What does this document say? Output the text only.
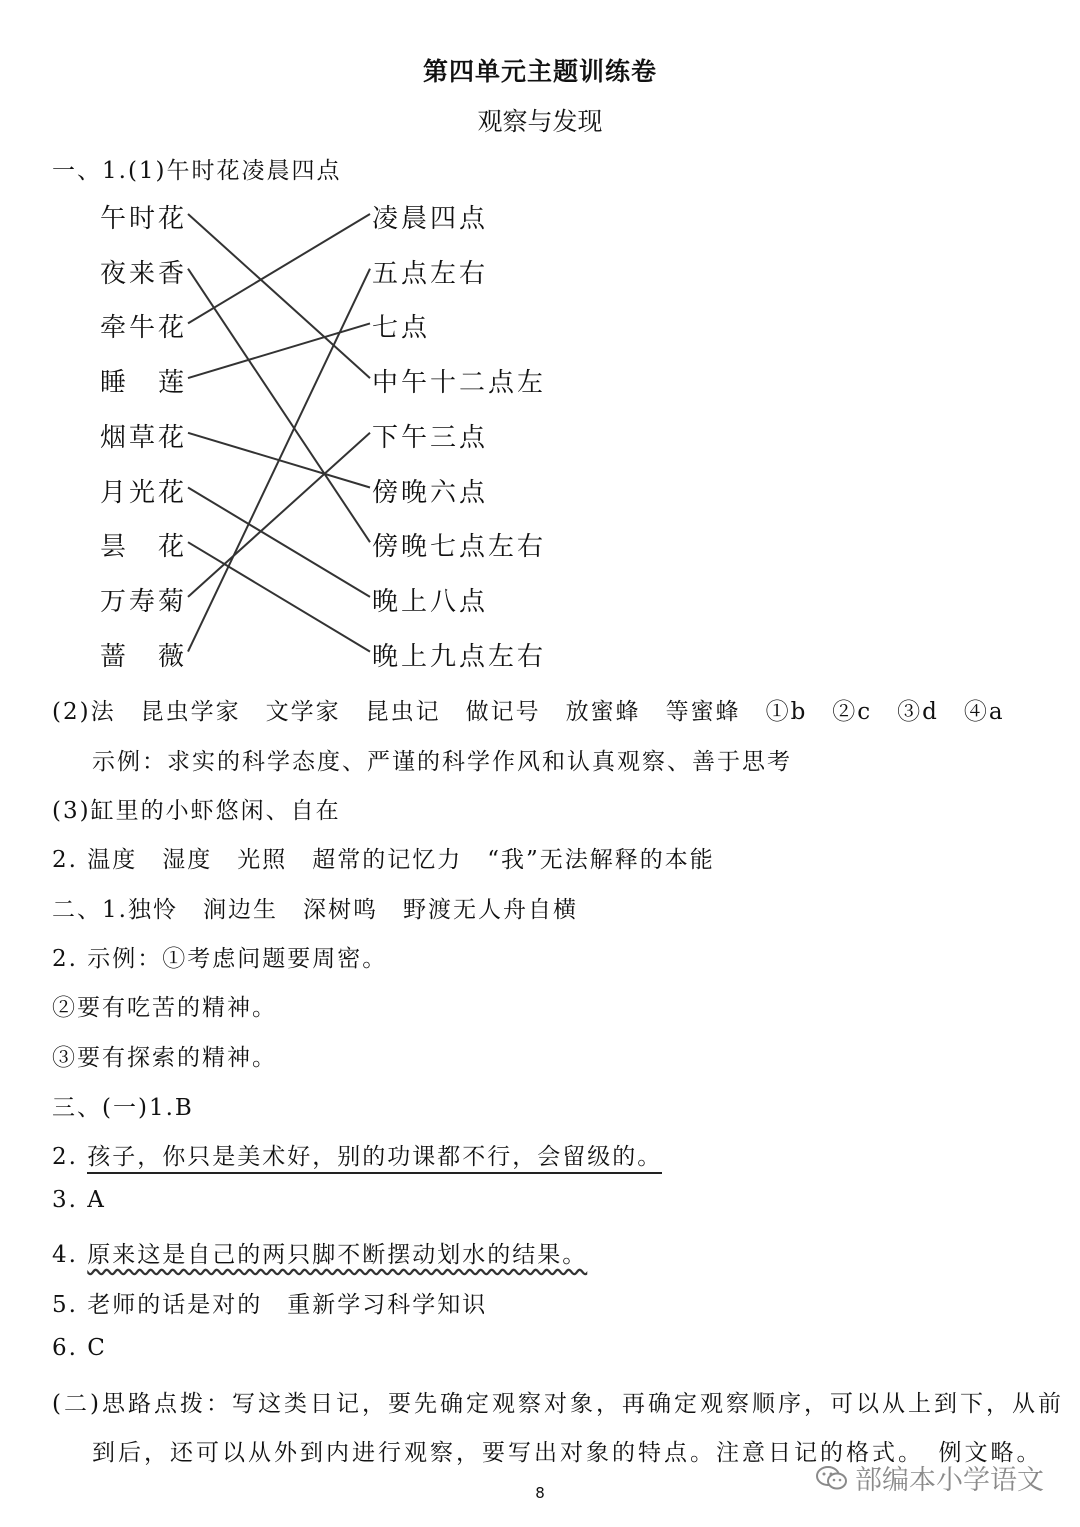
第四单元主题训练卷
观察与发现
一、1.(1)午时花凌晨四点
午时花
夜来香
牵牛花
睡　莲
烟草花
月光花
昙　花
万寿菊
蔷　薇
凌晨四点
五点左右
七点
中午十二点左
下午三点
傍晚六点
傍晚七点左右
晚上八点
晚上九点左右
(2)法　昆虫学家　文学家　昆虫记　做记号　放蜜蜂　等蜜蜂　①b　②c　③d　④a
示例：求实的科学态度、严谨的科学作风和认真观察、善于思考
(3)缸里的小虾悠闲、自在
2. 温度　湿度　光照　超常的记忆力　“我”无法解释的本能
二、1.独怜　涧边生　深树鸣　野渡无人舟自横
2. 示例：①考虑问题要周密。
②要有吃苦的精神。
③要有探索的精神。
三、(一)1.B
2. 孩子，你只是美术好，别的功课都不行，会留级的。
3. A
4. 原来这是自己的两只脚不断摆动划水的结果。
5. 老师的话是对的　重新学习科学知识
6. C
(二)思路点拨：写这类日记，要先确定观察对象，再确定观察顺序，可以从上到下，从前
到后，还可以从外到内进行观察，要写出对象的特点。注意日记的格式。　例文略。
8	部编本小学语文
